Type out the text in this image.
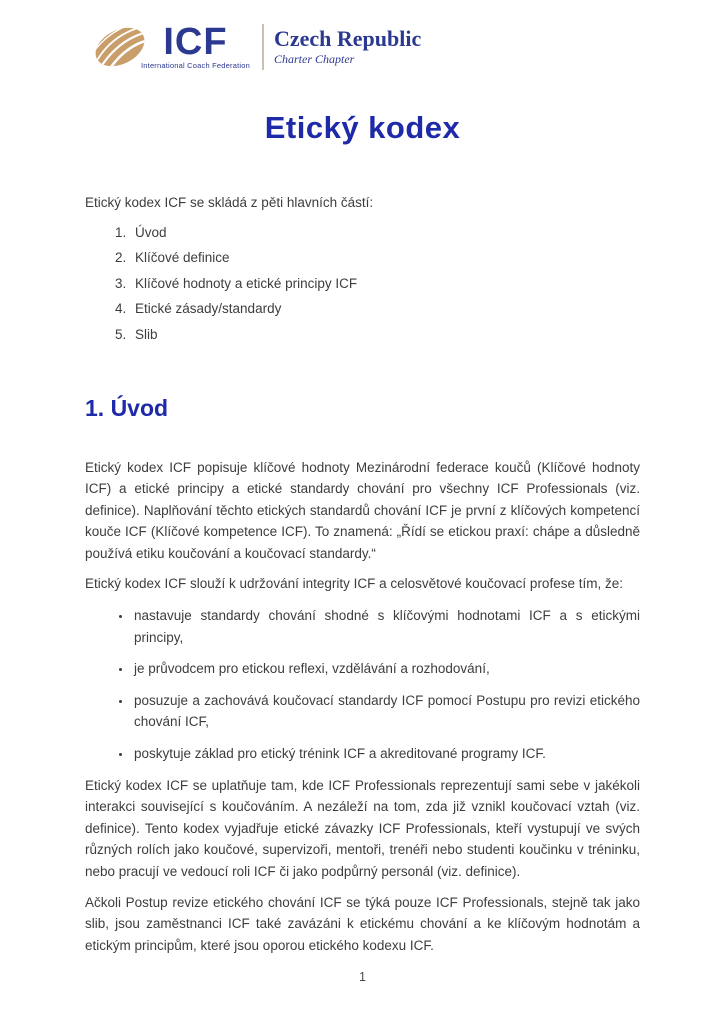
ICF
International Coach Federation
Czech Republic
Charter Chapter
Etický kodex

Etický kodex ICF se skládá z pěti hlavních částí:

1. Úvod
2. Klíčové definice
3. Klíčové hodnoty a etické principy ICF
4. Etické zásady/standardy
5. Slib
1. Úvod

Etický kodex ICF popisuje klíčové hodnoty Mezinárodní federace koučů (Klíčové hodnoty ICF) a etické principy a etické standardy chování pro všechny ICF Professionals (viz. definice). Naplňování těchto etických standardů chování ICF je první z klíčových kompetencí kouče ICF (Klíčové kompetence ICF). To znamená: „Řídí se etickou praxí: chápe a důsledně používá etiku koučování a koučovací standardy.“

Etický kodex ICF slouží k udržování integrity ICF a celosvětové koučovací profese tím, že:

• nastavuje standardy chování shodné s klíčovými hodnotami ICF a s etickými principy,
• je průvodcem pro etickou reflexi, vzdělávání a rozhodování,
• posuzuje a zachovává koučovací standardy ICF pomocí Postupu pro revizi etického chování ICF,
• poskytuje základ pro etický trénink ICF a akreditované programy ICF.

Etický kodex ICF se uplatňuje tam, kde ICF Professionals reprezentují sami sebe v jakékoli interakci související s koučováním. A nezáleží na tom, zda již vznikl koučovací vztah (viz. definice). Tento kodex vyjadřuje etické závazky ICF Professionals, kteří vystupují ve svých různých rolích jako koučové, supervizoři, mentoři, trenéři nebo studenti koučinku v tréninku, nebo pracují ve vedoucí roli ICF či jako podpůrný personál (viz. definice).

Ačkoli Postup revize etického chování ICF se týká pouze ICF Professionals, stejně tak jako slib, jsou zaměstnanci ICF také zavázáni k etickému chování a ke klíčovým hodnotám a etickým principům, které jsou oporou etického kodexu ICF.

1
